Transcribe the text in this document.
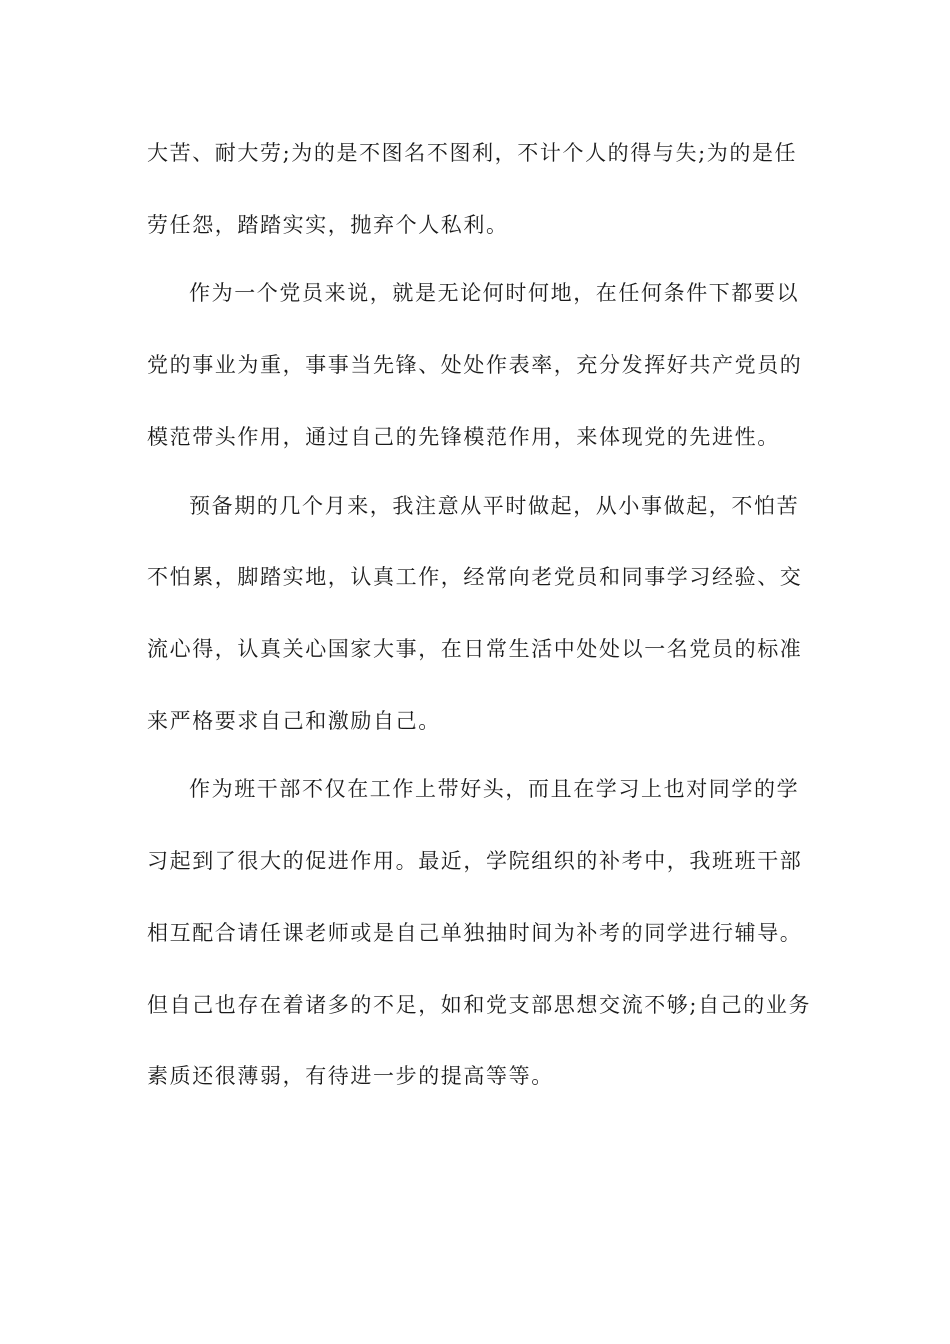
大苦、耐大劳;为的是不图名不图利，不计个人的得与失;为的是任
劳任怨，踏踏实实，抛弃个人私利。
作为一个党员来说，就是无论何时何地，在任何条件下都要以
党的事业为重，事事当先锋、处处作表率，充分发挥好共产党员的
模范带头作用，通过自己的先锋模范作用，来体现党的先进性。
预备期的几个月来，我注意从平时做起，从小事做起，不怕苦
不怕累，脚踏实地，认真工作，经常向老党员和同事学习经验、交
流心得，认真关心国家大事，在日常生活中处处以一名党员的标准
来严格要求自己和激励自己。
作为班干部不仅在工作上带好头，而且在学习上也对同学的学
习起到了很大的促进作用。最近，学院组织的补考中，我班班干部
相互配合请任课老师或是自己单独抽时间为补考的同学进行辅导。
但自己也存在着诸多的不足，如和党支部思想交流不够;自己的业务
素质还很薄弱，有待进一步的提高等等。
